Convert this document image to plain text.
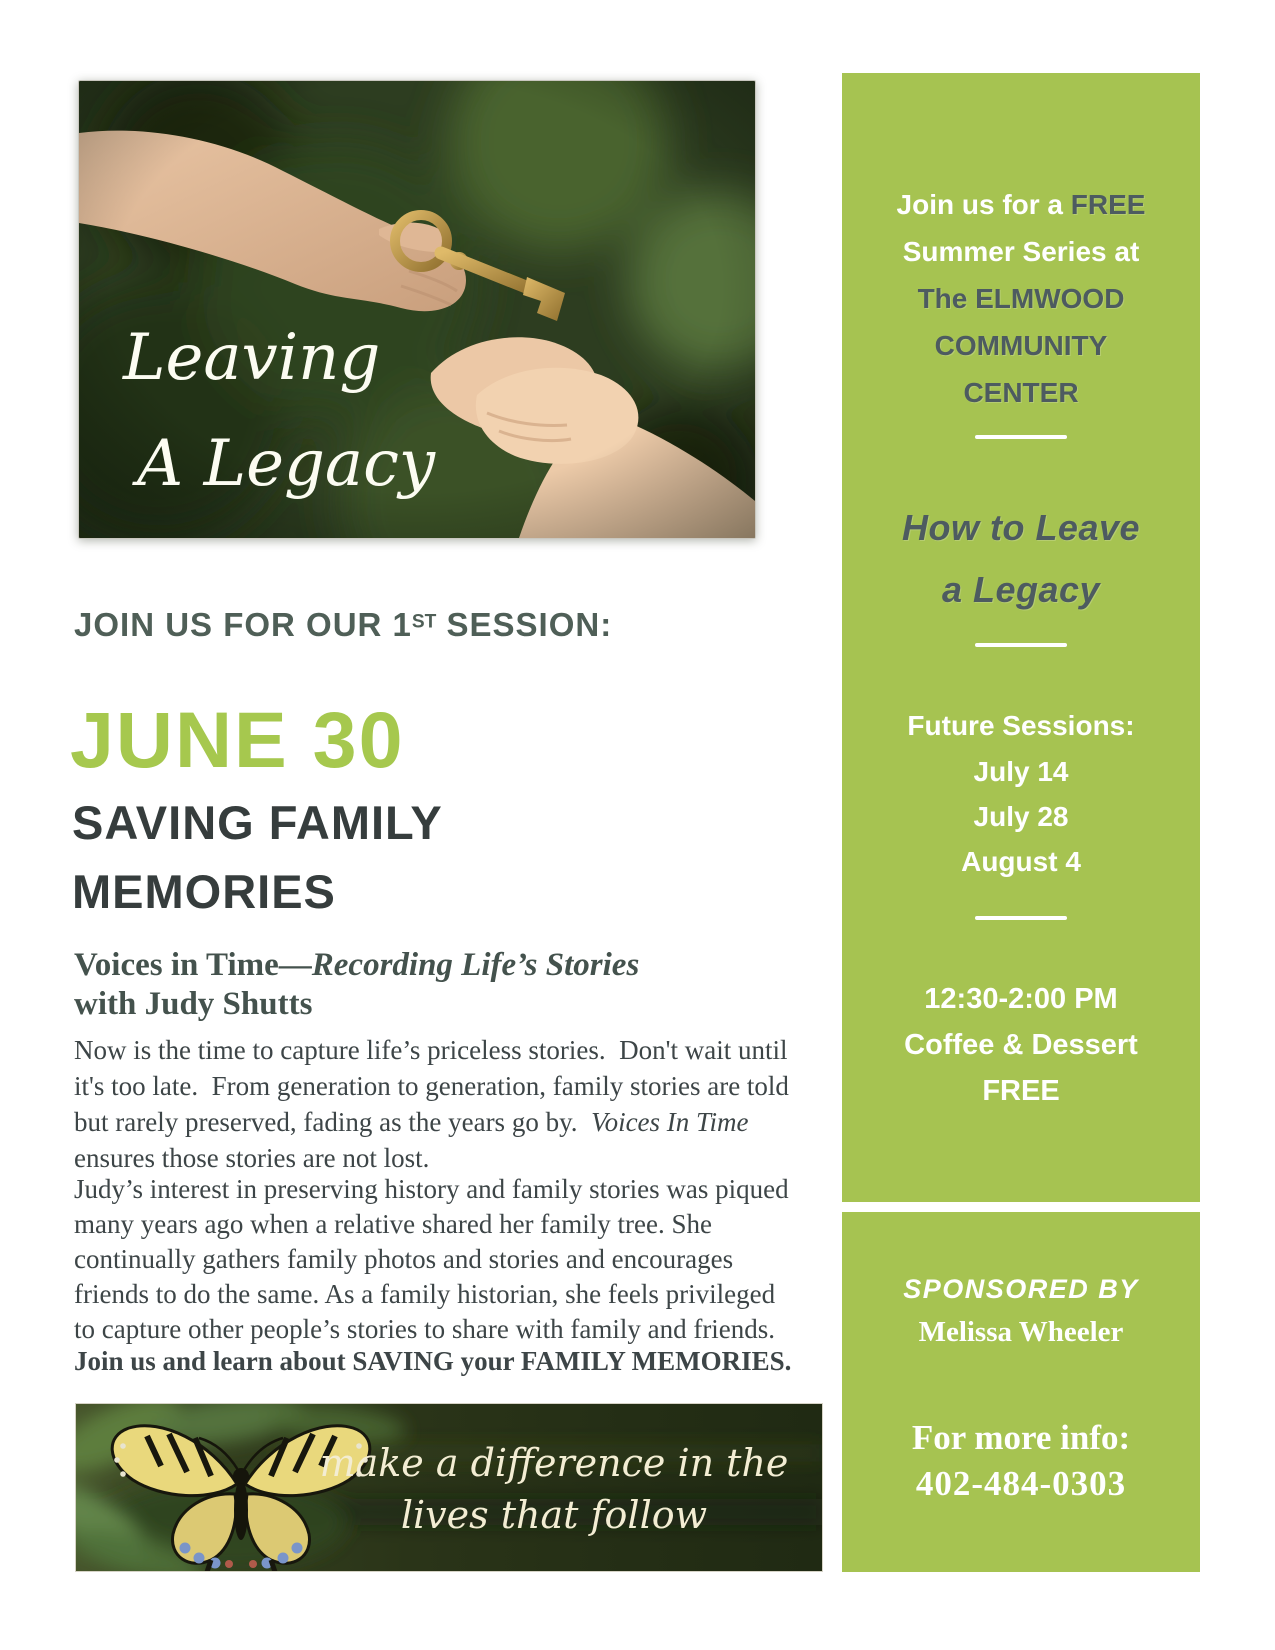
Leaving
A Legacy
JOIN US FOR OUR 1ST SESSION:
JUNE 30
SAVING FAMILY
MEMORIES
Voices in Time—Recording Life’s Stories
with Judy Shutts
Now is the time to capture life’s priceless stories.  Don't wait until it's too late.  From generation to generation, family stories are told but rarely preserved, fading as the years go by.  Voices In Time ensures those stories are not lost.
Judy’s interest in preserving history and family stories was piqued many years ago when a relative shared her family tree. She continually gathers family photos and stories and encourages friends to do the same. As a family historian, she feels privileged to capture other people’s stories to share with family and friends.
Join us and learn about SAVING your FAMILY MEMORIES.
make a difference in the
lives that follow
Join us for a FREE
Summer Series at
The ELMWOOD
COMMUNITY
CENTER
How to Leave
a Legacy
Future Sessions:
July 14
July 28
August 4
12:30-2:00 PM
Coffee & Dessert
FREE
SPONSORED BY
Melissa Wheeler
For more info:
402-484-0303
